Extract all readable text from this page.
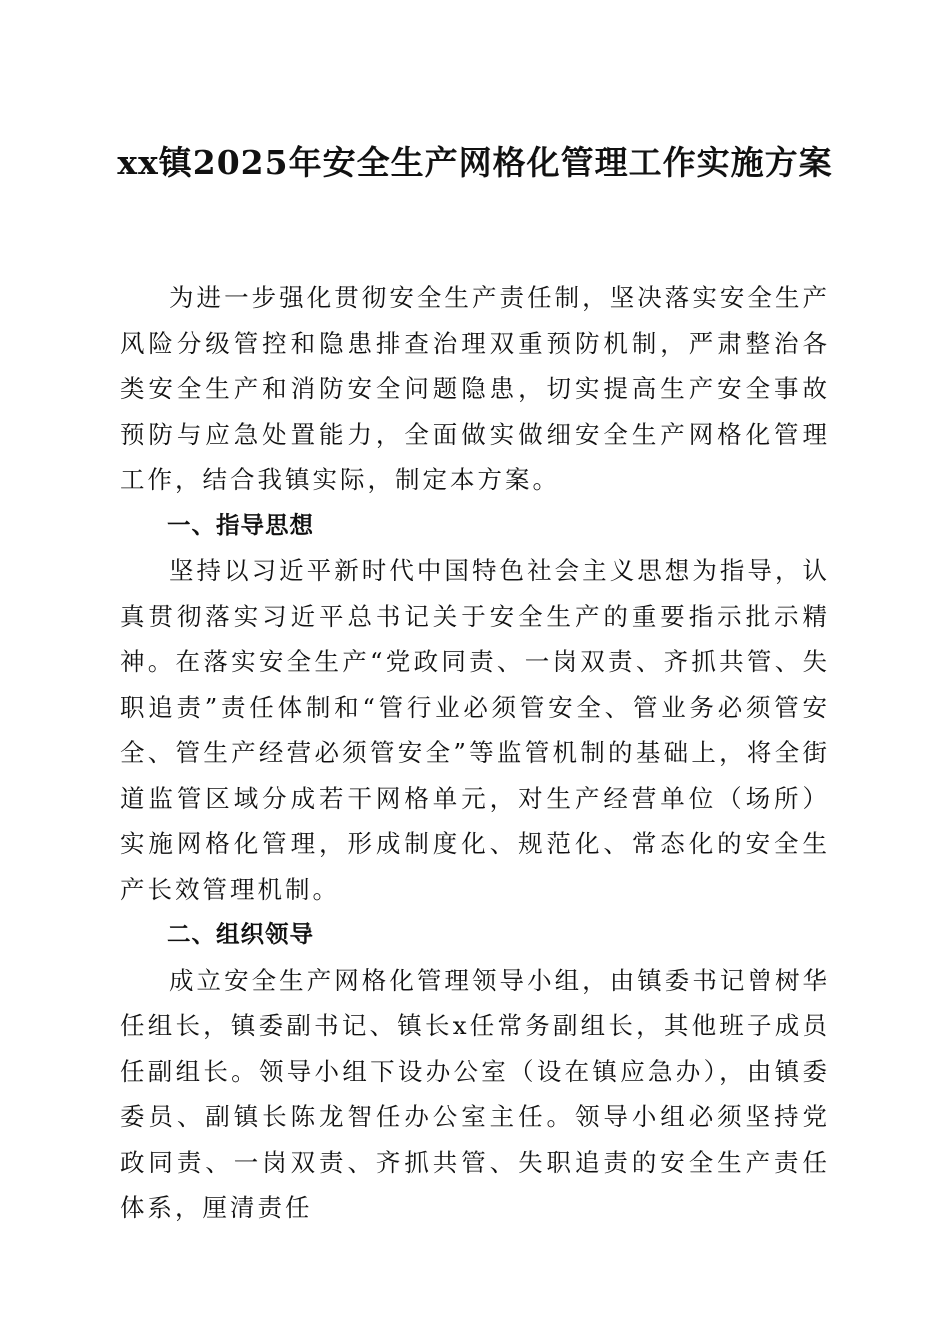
xx镇2025年安全生产网格化管理工作实施方案

为进一步强化贯彻安全生产责任制，坚决落实安全生产风险分级管控和隐患排查治理双重预防机制，严肃整治各类安全生产和消防安全问题隐患，切实提高生产安全事故预防与应急处置能力，全面做实做细安全生产网格化管理工作，结合我镇实际，制定本方案。

一、指导思想

坚持以习近平新时代中国特色社会主义思想为指导，认真贯彻落实习近平总书记关于安全生产的重要指示批示精神。在落实安全生产“党政同责、一岗双责、齐抓共管、失职追责”责任体制和“管行业必须管安全、管业务必须管安全、管生产经营必须管安全”等监管机制的基础上，将全街道监管区域分成若干网格单元，对生产经营单位（场所）实施网格化管理，形成制度化、规范化、常态化的安全生产长效管理机制。

二、组织领导

成立安全生产网格化管理领导小组，由镇委书记曾树华任组长，镇委副书记、镇长x任常务副组长，其他班子成员任副组长。领导小组下设办公室（设在镇应急办），由镇委委员、副镇长陈龙智任办公室主任。领导小组必须坚持党政同责、一岗双责、齐抓共管、失职追责的安全生产责任体系，厘清责任
